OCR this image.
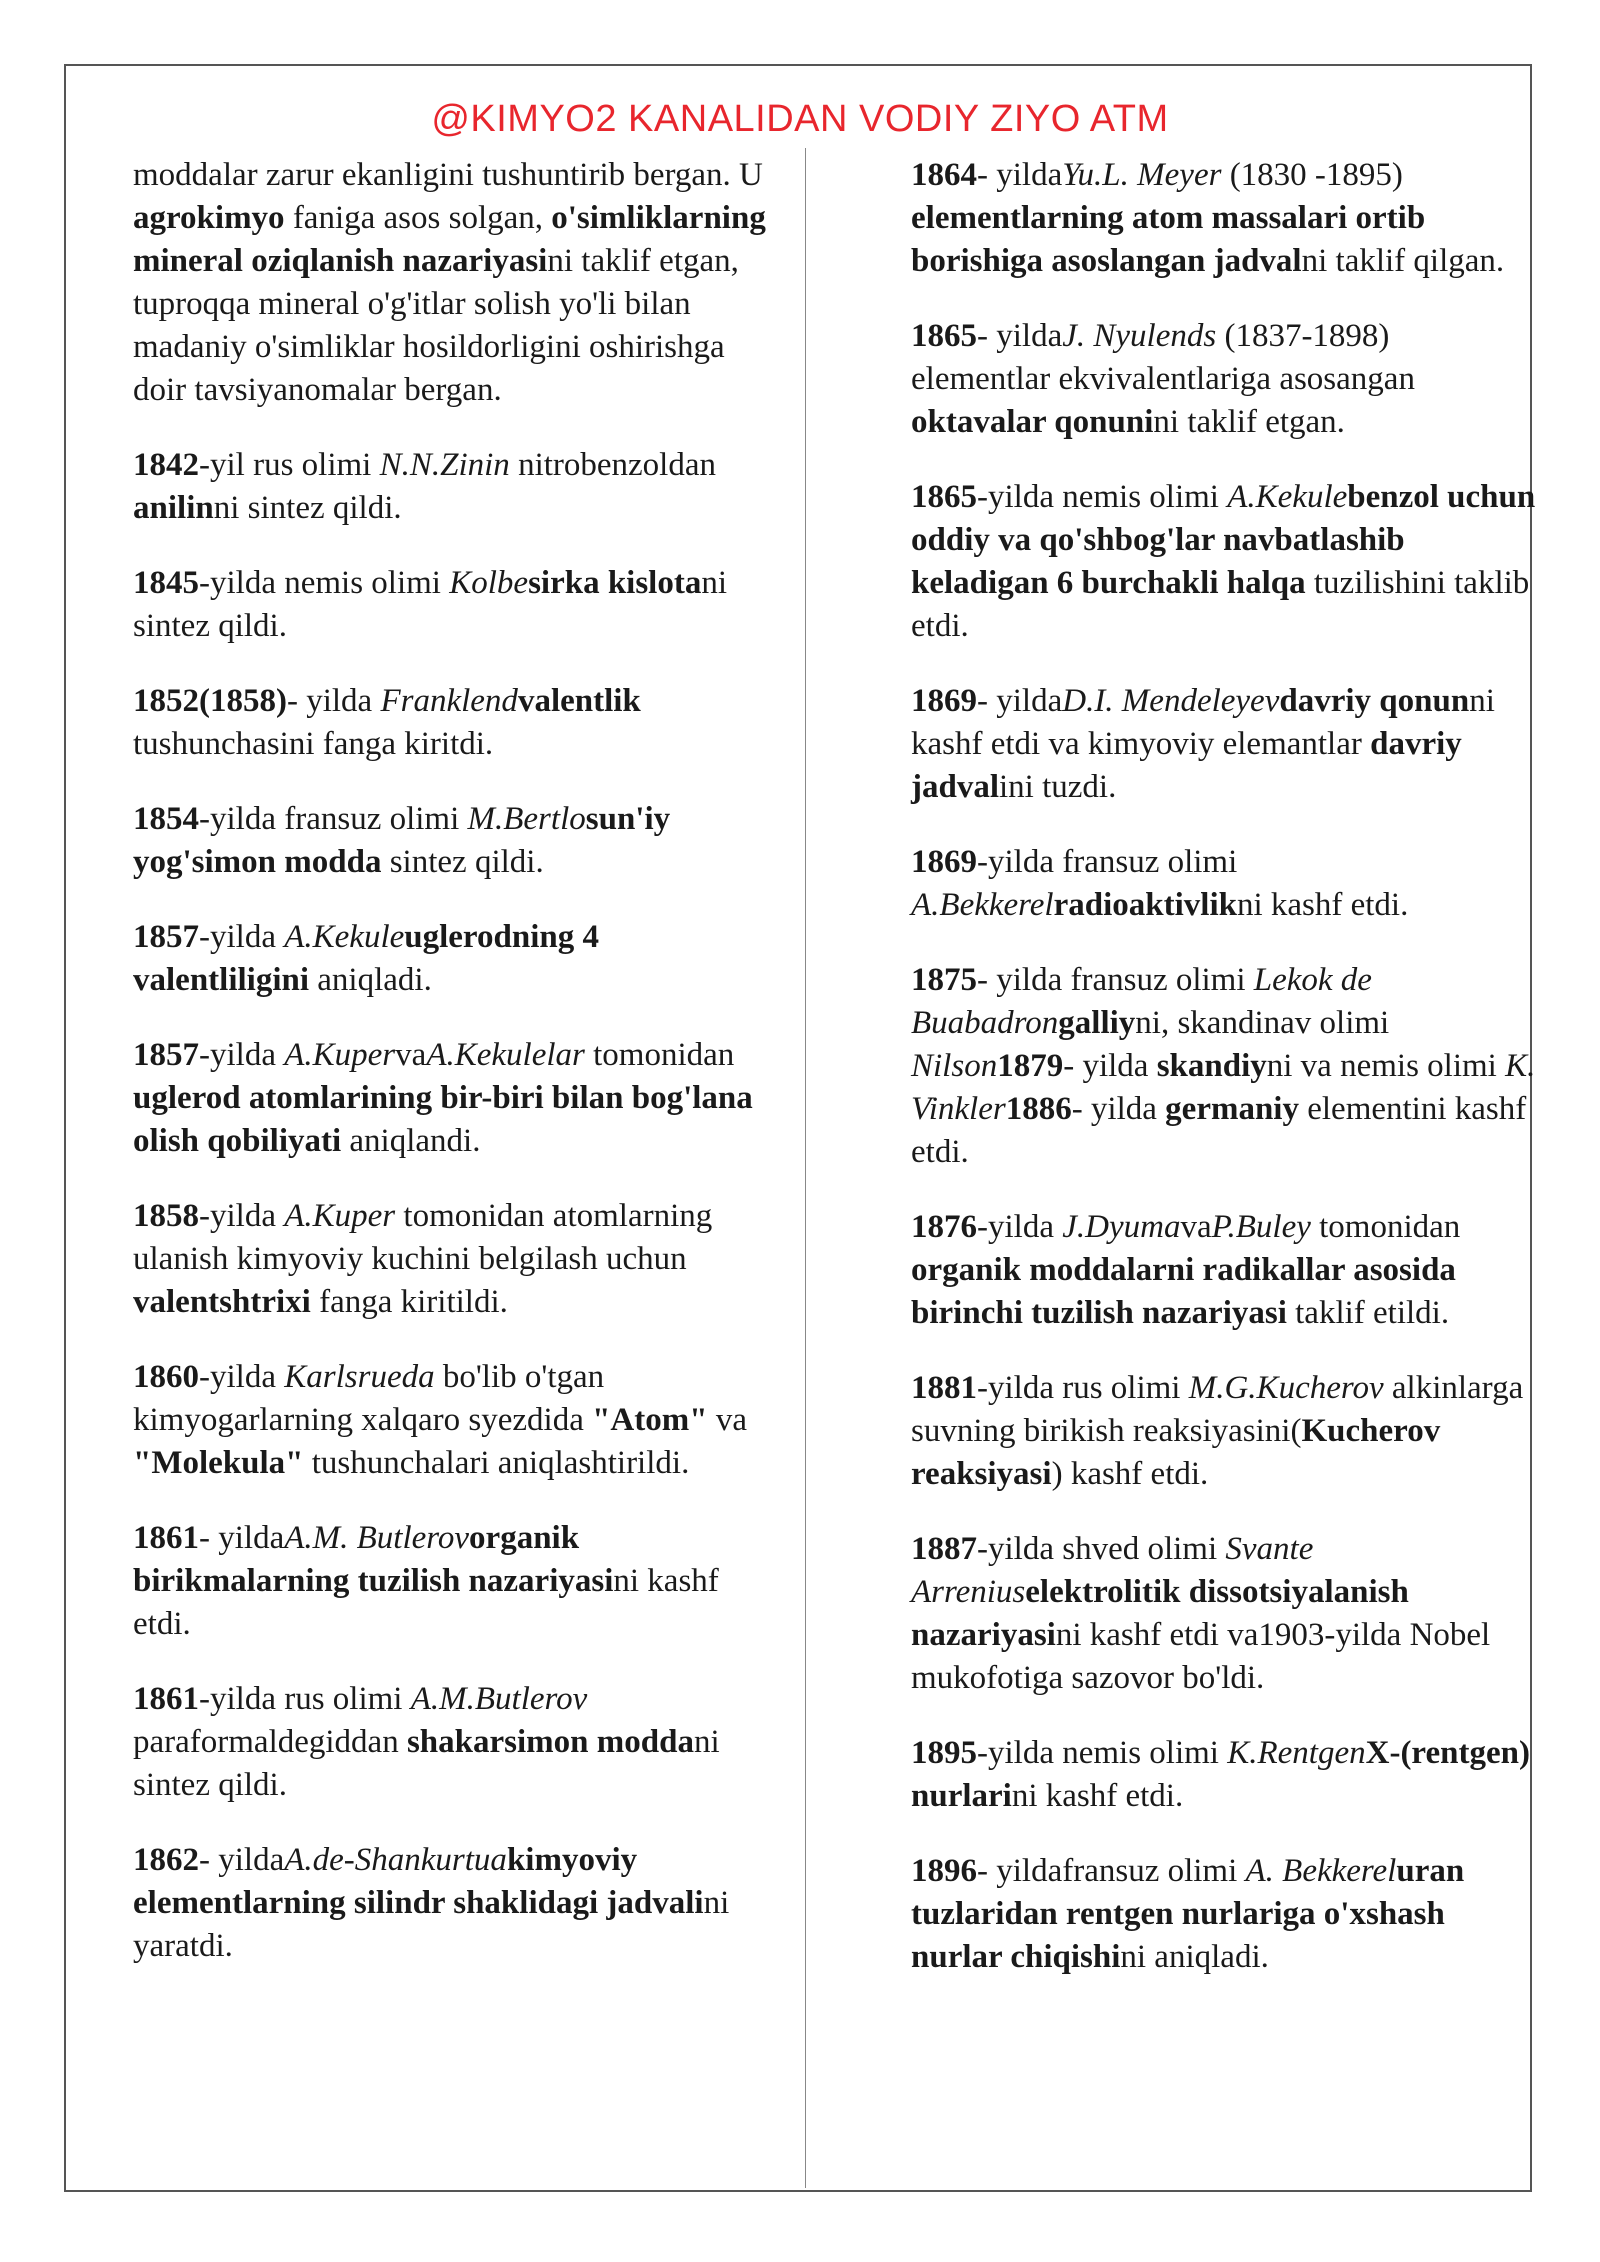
@KIMYO2 KANALIDAN VODIY ZIYO ATM

moddalar zarur ekanligini tushuntirib bergan. U agrokimyo faniga asos solgan, o'simliklarning mineral oziqlanish nazariyasini taklif etgan, tuproqqa mineral o'g'itlar solish yo'li bilan madaniy o'simliklar hosildorligini oshirishga doir tavsiyanomalar bergan.

1842-yil rus olimi N.N.Zinin nitrobenzoldan anilinni sintez qildi.

1845-yilda nemis olimi Kolbesirka kislotani sintez qildi.

1852(1858)- yilda Franklendvalentlik tushunchasini fanga kiritdi.

1854-yilda fransuz olimi M.Bertlosun'iy yog'simon modda sintez qildi.

1857-yilda A.Kekuleuglerodning 4 valentliligini aniqladi.

1857-yilda A.KupervaA.Kekulelar tomonidan uglerod atomlarining bir-biri bilan bog'lana olish qobiliyati aniqlandi.

1858-yilda A.Kuper tomonidan atomlarning ulanish kimyoviy kuchini belgilash uchun valentshtrixi fanga kiritildi.

1860-yilda Karlsrueda bo'lib o'tgan kimyogarlarning xalqaro syezdida "Atom" va "Molekula" tushunchalari aniqlashtirildi.

1861- yildaA.M. Butlerovorganik birikmalarning tuzilish nazariyasini kashf etdi.

1861-yilda rus olimi A.M.Butlerov paraformaldegiddan shakarsimon moddani sintez qildi.

1862- yildaA.de-Shankurtuakimyoviy elementlarning silindr shaklidagi jadvalini yaratdi.

1864- yildaYu.L. Meyer (1830 -1895) elementlarning atom massalari ortib borishiga asoslangan jadvalni taklif qilgan.

1865- yildaJ. Nyulends (1837-1898) elementlar ekvivalentlariga asosangan oktavalar qonunini taklif etgan.

1865-yilda nemis olimi A.Kekulebenzol uchun oddiy va qo'shbog'lar navbatlashib keladigan 6 burchakli halqa tuzilishini taklib etdi.

1869- yildaD.I. Mendeleyevdavriy qonunni kashf etdi va kimyoviy elemantlar davriy jadvalini tuzdi.

1869-yilda fransuz olimi A.Bekkerelradioaktivlikni kashf etdi.

1875- yilda fransuz olimi Lekok de Buabadrongalliyni, skandinav olimi Nilson1879- yilda skandiyni va nemis olimi K. Vinkler1886- yilda germaniy elementini kashf etdi.

1876-yilda J.DyumavaP.Buley tomonidan organik moddalarni radikallar asosida birinchi tuzilish nazariyasi taklif etildi.

1881-yilda rus olimi M.G.Kucherov alkinlarga suvning birikish reaksiyasini(Kucherov reaksiyasi) kashf etdi.

1887-yilda shved olimi Svante Arreniuselektrolitik dissotsiyalanish nazariyasini kashf etdi va1903-yilda Nobel mukofotiga sazovor bo'ldi.

1895-yilda nemis olimi K.RentgenX-(rentgen) nurlarini kashf etdi.

1896- yildafransuz olimi A. Bekkereluran tuzlaridan rentgen nurlariga o'xshash nurlar chiqishini aniqladi.
